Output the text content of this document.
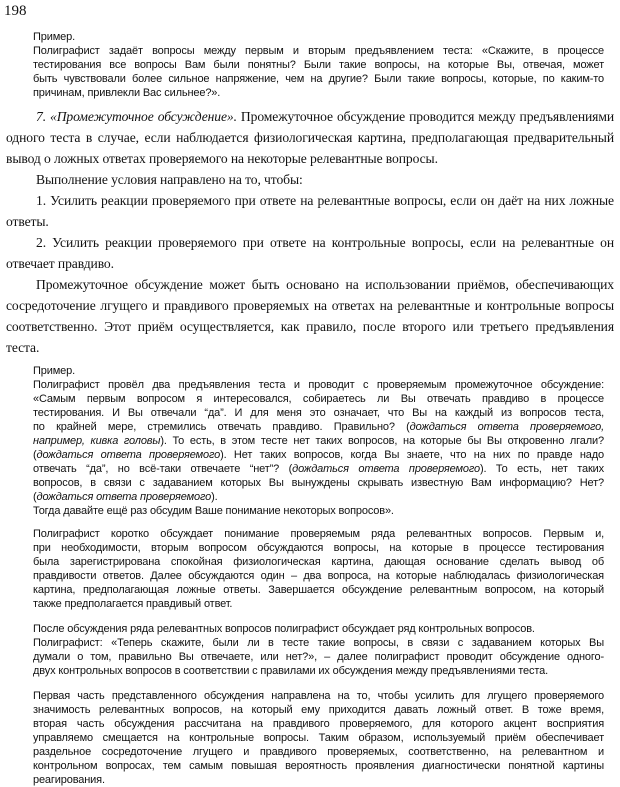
198
Пример.
Полиграфист задаёт вопросы между первым и вторым предъявлением теста: «Скажите, в процессе
тестирования все вопросы Вам были понятны? Были такие вопросы, на которые Вы, отвечая, может
быть чувствовали более сильное напряжение, чем на другие? Были такие вопросы, которые, по каким-то
причинам, привлекли Вас сильнее?».
7. «Промежуточное обсуждение». Промежуточное обсуждение проводится между предъявлениями
одного теста в случае, если наблюдается физиологическая картина, предполагающая предварительный
вывод о ложных ответах проверяемого на некоторые релевантные вопросы.
Выполнение условия направлено на то, чтобы:
1. Усилить реакции проверяемого при ответе на релевантные вопросы, если он даёт на них ложные
ответы.
2. Усилить реакции проверяемого при ответе на контрольные вопросы, если на релевантные он
отвечает правдиво.
Промежуточное обсуждение может быть основано на использовании приёмов, обеспечивающих
сосредоточение лгущего и правдивого проверяемых на ответах на релевантные и контрольные вопросы
соответственно. Этот приём осуществляется, как правило, после второго или третьего предъявления теста.
Пример.
Полиграфист провёл два предъявления теста и проводит с проверяемым промежуточное обсуждение:
«Самым первым вопросом я интересовался, собираетесь ли Вы отвечать правдиво в процессе
тестирования. И Вы отвечали “да”. И для меня это означает, что Вы на каждый из вопросов теста,
по крайней мере, стремились отвечать правдиво. Правильно? (дождаться ответа проверяемого,
например, кивка головы). То есть, в этом тесте нет таких вопросов, на которые бы Вы откровенно лгали?
(дождаться ответа проверяемого). Нет таких вопросов, когда Вы знаете, что на них по правде надо
отвечать “да”, но всё-таки отвечаете “нет”? (дождаться ответа проверяемого). То есть, нет таких
вопросов, в связи с задаванием которых Вы вынуждены скрывать известную Вам информацию? Нет?
(дождаться ответа проверяемого).
Тогда давайте ещё раз обсудим Ваше понимание некоторых вопросов».
Полиграфист коротко обсуждает понимание проверяемым ряда релевантных вопросов. Первым и,
при необходимости, вторым вопросом обсуждаются вопросы, на которые в процессе тестирования
была зарегистрирована спокойная физиологическая картина, дающая основание сделать вывод об
правдивости ответов. Далее обсуждаются один – два вопроса, на которые наблюдалась физиологическая
картина, предполагающая ложные ответы. Завершается обсуждение релевантным вопросом, на который
также предполагается правдивый ответ.
После обсуждения ряда релевантных вопросов полиграфист обсуждает ряд контрольных вопросов.
Полиграфист: «Теперь скажите, были ли в тесте такие вопросы, в связи с задаванием которых Вы
думали о том, правильно Вы отвечаете, или нет?», – далее полиграфист проводит обсуждение одного-
двух контрольных вопросов в соответствии с правилами их обсуждения между предъявлениями теста.
Первая часть представленного обсуждения направлена на то, чтобы усилить для лгущего проверяемого
значимость релевантных вопросов, на который ему приходится давать ложный ответ. В тоже время,
вторая часть обсуждения рассчитана на правдивого проверяемого, для которого акцент восприятия
управляемо смещается на контрольные вопросы. Таким образом, используемый приём обеспечивает
раздельное сосредоточение лгущего и правдивого проверяемых, соответственно, на релевантном и
контрольном вопросах, тем самым повышая вероятность проявления диагностически понятной картины
реагирования.
